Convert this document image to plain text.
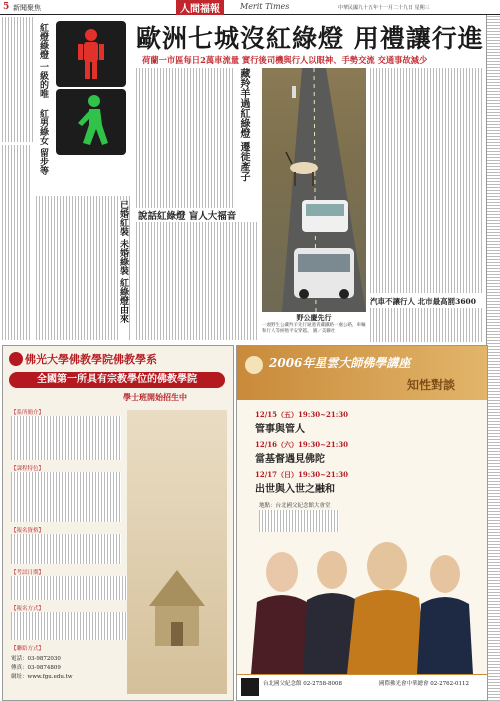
5 新聞聚焦	人間福報	Merit Times	中華民國九十五年十一月二十九日 星期三
紅燈綠燈 一級的唯
紅男綠女 留步等
歐洲七城沒紅綠燈 用禮讓行進
荷蘭一市區每日2萬車流量 實行後司機與行人以眼神、手勢交流 交通事故減少
藏羚羊過紅綠燈 遷徙產子
說話紅綠燈 盲人大福音
已婚紅裝 未婚綠裝 紅綠燈由來	野公慶先行
一頭野生公藏羚羊先行通過青藏鐵路一處公路，車輛和行人等候牠平安穿越。 圖／美聯社
汽車不讓行人 北市最高罰3600
佛光大學佛教學院佛教學系
全國第一所具有宗教學位的佛教學院
學士班開始招生中
【系所簡介】
【課程特色】
【報名資格】
【考試日期】
【報名方式】
【聯絡方式】
電話：03-9872030
傳真：03-9874809
網址：www.fgu.edu.tw
2006年星雲大師佛學講座
知性對談
12/15（五）19:30~21:30
管事與管人
12/16（六）19:30~21:30
當基督遇見佛陀
12/17（日）19:30~21:30
出世與入世之融和
地點：台北國父紀念館大會堂
台北國父紀念館 02-2758-8008	國際佛光會中華總會 02-2762-0112
